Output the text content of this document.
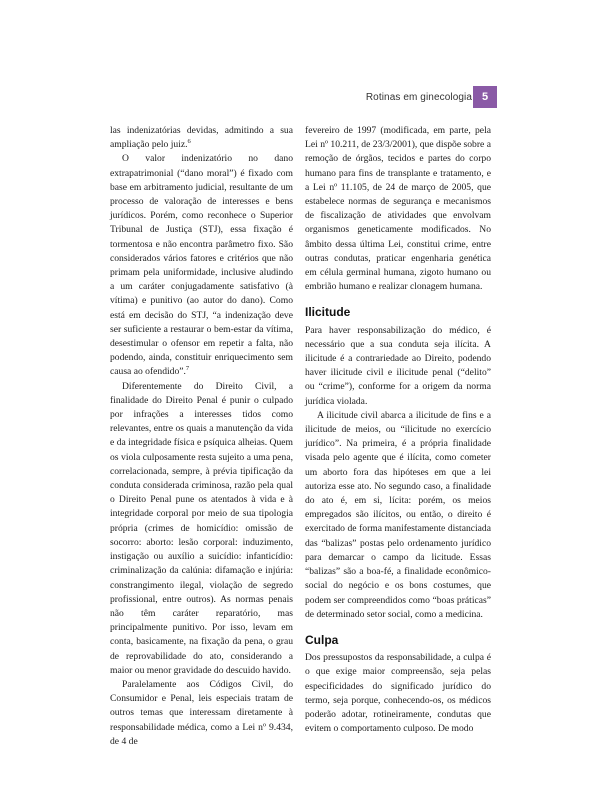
Rotinas em ginecologia 5

las indenizatórias devidas, admitindo a sua ampliação pelo juiz.$^6$

O valor indenizatório no dano extrapatrimonial (“dano moral”) é fixado com base em arbitramento judicial, resultante de um processo de valoração de interesses e bens jurídicos. Porém, como reconhece o Superior Tribunal de Justiça (STJ), essa fixação é tormentosa e não encontra parâmetro fixo. São considerados vários fatores e critérios que não primam pela uniformidade, inclusive aludindo a um caráter conjugadamente satisfativo (à vítima) e punitivo (ao autor do dano). Como está em decisão do STJ, “a indenização deve ser suficiente a restaurar o bem-estar da vítima, desestimular o ofensor em repetir a falta, não podendo, ainda, constituir enriquecimento sem causa ao ofendido”.$^7$

Diferentemente do Direito Civil, a finalidade do Direito Penal é punir o culpado por infrações a interesses tidos como relevantes, entre os quais a manutenção da vida e da integridade física e psíquica alheias. Quem os viola culposamente resta sujeito a uma pena, correlacionada, sempre, à prévia tipificação da conduta considerada criminosa, razão pela qual o Direito Penal pune os atentados à vida e à integridade corporal por meio de sua tipologia própria (crimes de homicídio: omissão de socorro: aborto: lesão corporal: induzimento, instigação ou auxílio a suicídio: infanticídio: criminalização da calúnia: difamação e injúria: constrangimento ilegal, violação de segredo profissional, entre outros). As normas penais não têm caráter reparatório, mas principalmente punitivo. Por isso, levam em conta, basicamente, na fixação da pena, o grau de reprovabilidade do ato, considerando a maior ou menor gravidade do descuido havido.

Paralelamente aos Códigos Civil, do Consumidor e Penal, leis especiais tratam de outros temas que interessam diretamente à responsabilidade médica, como a Lei nº 9.434, de 4 de

fevereiro de 1997 (modificada, em parte, pela Lei nº 10.211, de 23/3/2001), que dispõe sobre a remoção de órgãos, tecidos e partes do corpo humano para fins de transplante e tratamento, e a Lei nº 11.105, de 24 de março de 2005, que estabelece normas de segurança e mecanismos de fiscalização de atividades que envolvam organismos geneticamente modificados. No âmbito dessa última Lei, constitui crime, entre outras condutas, praticar engenharia genética em célula germinal humana, zigoto humano ou embrião humano e realizar clonagem humana.

Ilicitude

Para haver responsabilização do médico, é necessário que a sua conduta seja ilícita. A ilicitude é a contrariedade ao Direito, podendo haver ilicitude civil e ilicitude penal (“delito” ou “crime”), conforme for a origem da norma jurídica violada.

A ilicitude civil abarca a ilicitude de fins e a ilicitude de meios, ou “ilicitude no exercício jurídico”. Na primeira, é a própria finalidade visada pelo agente que é ilícita, como cometer um aborto fora das hipóteses em que a lei autoriza esse ato. No segundo caso, a finalidade do ato é, em si, lícita: porém, os meios empregados são ilícitos, ou então, o direito é exercitado de forma manifestamente distanciada das “balizas” postas pelo ordenamento jurídico para demarcar o campo da licitude. Essas “balizas” são a boa-fé, a finalidade econômico-social do negócio e os bons costumes, que podem ser compreendidos como “boas práticas” de determinado setor social, como a medicina.

Culpa

Dos pressupostos da responsabilidade, a culpa é o que exige maior compreensão, seja pelas especificidades do significado jurídico do termo, seja porque, conhecendo-os, os médicos poderão adotar, rotineiramente, condutas que evitem o comportamento culposo. De modo
